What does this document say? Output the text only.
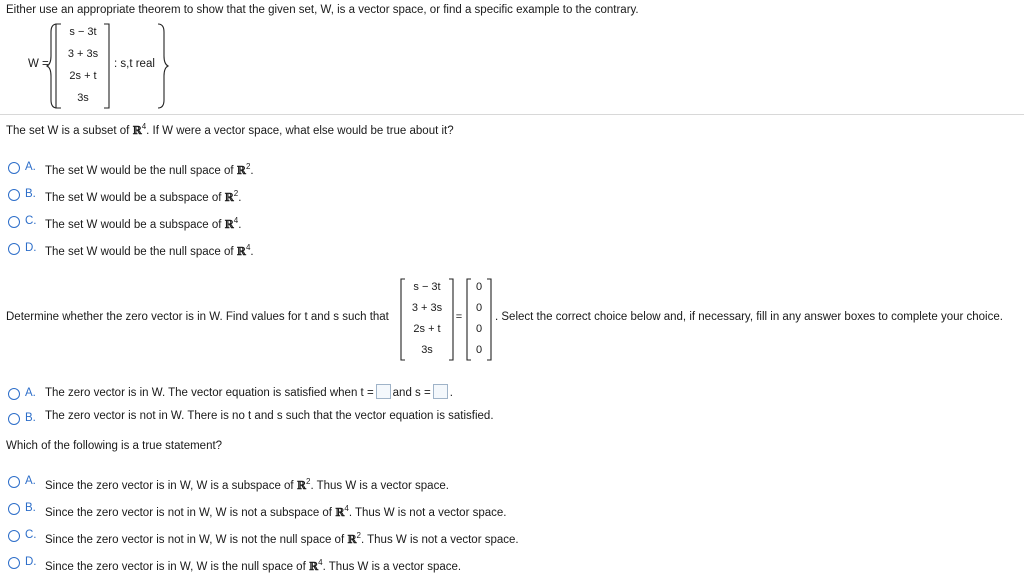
Either use an appropriate theorem to show that the given set, W, is a vector space, or find a specific example to the contrary.
W =
s − 3t
3 + 3s
2s + t
3s
: s,t real
The set W is a subset of ℝ$^4$. If W were a vector space, what else would be true about it?
A. The set W would be the null space of ℝ$^2$.
B. The set W would be a subspace of ℝ$^2$.
C. The set W would be a subspace of ℝ$^4$.
D. The set W would be the null space of ℝ$^4$.
Determine whether the zero vector is in W. Find values for t and s such that
s − 3t
3 + 3s
2s + t
3s
=
0
0
0
0
. Select the correct choice below and, if necessary, fill in any answer boxes to complete your choice.
A. The zero vector is in W. The vector equation is satisfied when t = and s = .
B. The zero vector is not in W. There is no t and s such that the vector equation is satisfied.
Which of the following is a true statement?
A. Since the zero vector is in W, W is a subspace of ℝ$^2$. Thus W is a vector space.
B. Since the zero vector is not in W, W is not a subspace of ℝ$^4$. Thus W is not a vector space.
C. Since the zero vector is not in W, W is not the null space of ℝ$^2$. Thus W is not a vector space.
D. Since the zero vector is in W, W is the null space of ℝ$^4$. Thus W is a vector space.
